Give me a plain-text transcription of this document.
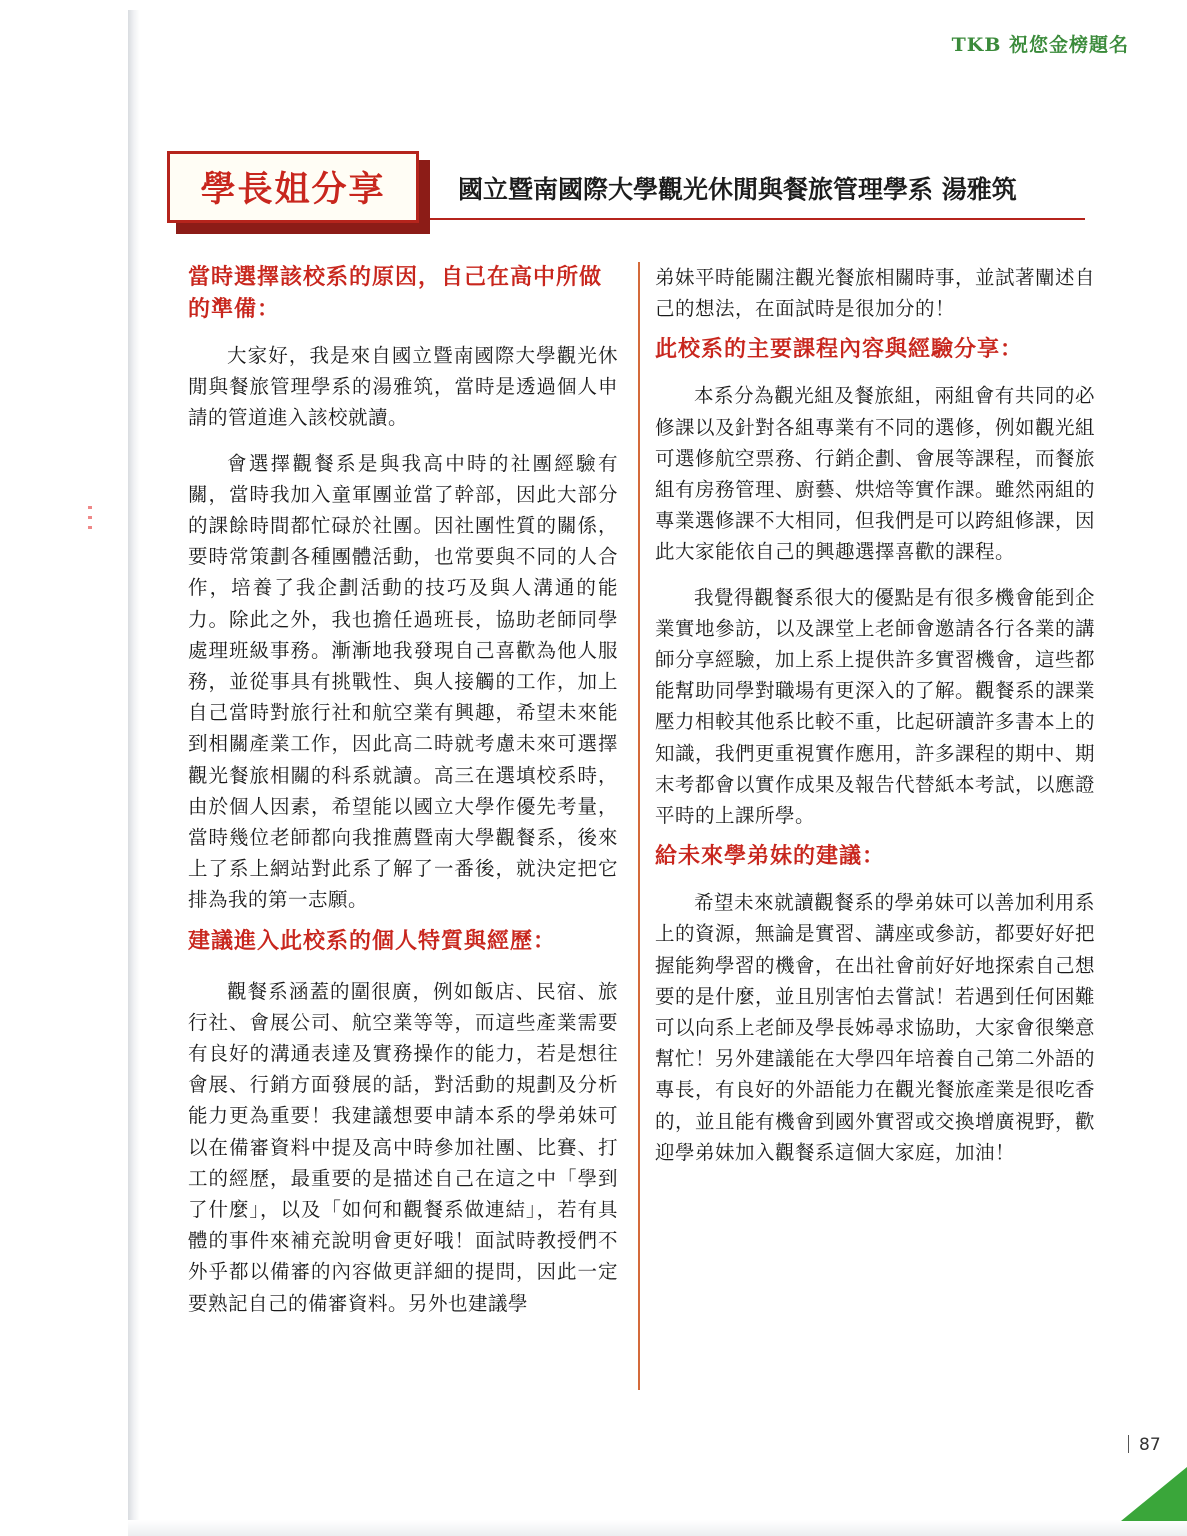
TKB 祝您金榜題名
學長姐分享	國立暨南國際大學觀光休閒與餐旅管理學系 湯雅筑
當時選擇該校系的原因，自己在高中所做的準備：

大家好，我是來自國立暨南國際大學觀光休閒與餐旅管理學系的湯雅筑，當時是透過個人申請的管道進入該校就讀。

會選擇觀餐系是與我高中時的社團經驗有關，當時我加入童軍團並當了幹部，因此大部分的課餘時間都忙碌於社團。因社團性質的關係，要時常策劃各種團體活動，也常要與不同的人合作，培養了我企劃活動的技巧及與人溝通的能力。除此之外，我也擔任過班長，協助老師同學處理班級事務。漸漸地我發現自己喜歡為他人服務，並從事具有挑戰性、與人接觸的工作，加上自己當時對旅行社和航空業有興趣，希望未來能到相關產業工作，因此高二時就考慮未來可選擇觀光餐旅相關的科系就讀。高三在選填校系時，由於個人因素，希望能以國立大學作優先考量，當時幾位老師都向我推薦暨南大學觀餐系，後來上了系上網站對此系了解了一番後，就決定把它排為我的第一志願。

建議進入此校系的個人特質與經歷：

觀餐系涵蓋的圍很廣，例如飯店、民宿、旅行社、會展公司、航空業等等，而這些產業需要有良好的溝通表達及實務操作的能力，若是想往會展、行銷方面發展的話，對活動的規劃及分析能力更為重要！我建議想要申請本系的學弟妹可以在備審資料中提及高中時參加社團、比賽、打工的經歷，最重要的是描述自己在這之中「學到了什麼」，以及「如何和觀餐系做連結」，若有具體的事件來補充說明會更好哦！面試時教授們不外乎都以備審的內容做更詳細的提問，因此一定要熟記自己的備審資料。另外也建議學

弟妹平時能關注觀光餐旅相關時事，並試著闡述自己的想法，在面試時是很加分的！

此校系的主要課程內容與經驗分享：

本系分為觀光組及餐旅組，兩組會有共同的必修課以及針對各組專業有不同的選修，例如觀光組可選修航空票務、行銷企劃、會展等課程，而餐旅組有房務管理、廚藝、烘焙等實作課。雖然兩組的專業選修課不大相同，但我們是可以跨組修課，因此大家能依自己的興趣選擇喜歡的課程。

我覺得觀餐系很大的優點是有很多機會能到企業實地參訪，以及課堂上老師會邀請各行各業的講師分享經驗，加上系上提供許多實習機會，這些都能幫助同學對職場有更深入的了解。觀餐系的課業壓力相較其他系比較不重，比起研讀許多書本上的知識，我們更重視實作應用，許多課程的期中、期末考都會以實作成果及報告代替紙本考試，以應證平時的上課所學。

給未來學弟妹的建議：

希望未來就讀觀餐系的學弟妹可以善加利用系上的資源，無論是實習、講座或參訪，都要好好把握能夠學習的機會，在出社會前好好地探索自己想要的是什麼，並且別害怕去嘗試！若遇到任何困難可以向系上老師及學長姊尋求協助，大家會很樂意幫忙！另外建議能在大學四年培養自己第二外語的專長，有良好的外語能力在觀光餐旅產業是很吃香的，並且能有機會到國外實習或交換增廣視野，歡迎學弟妹加入觀餐系這個大家庭，加油！

87
